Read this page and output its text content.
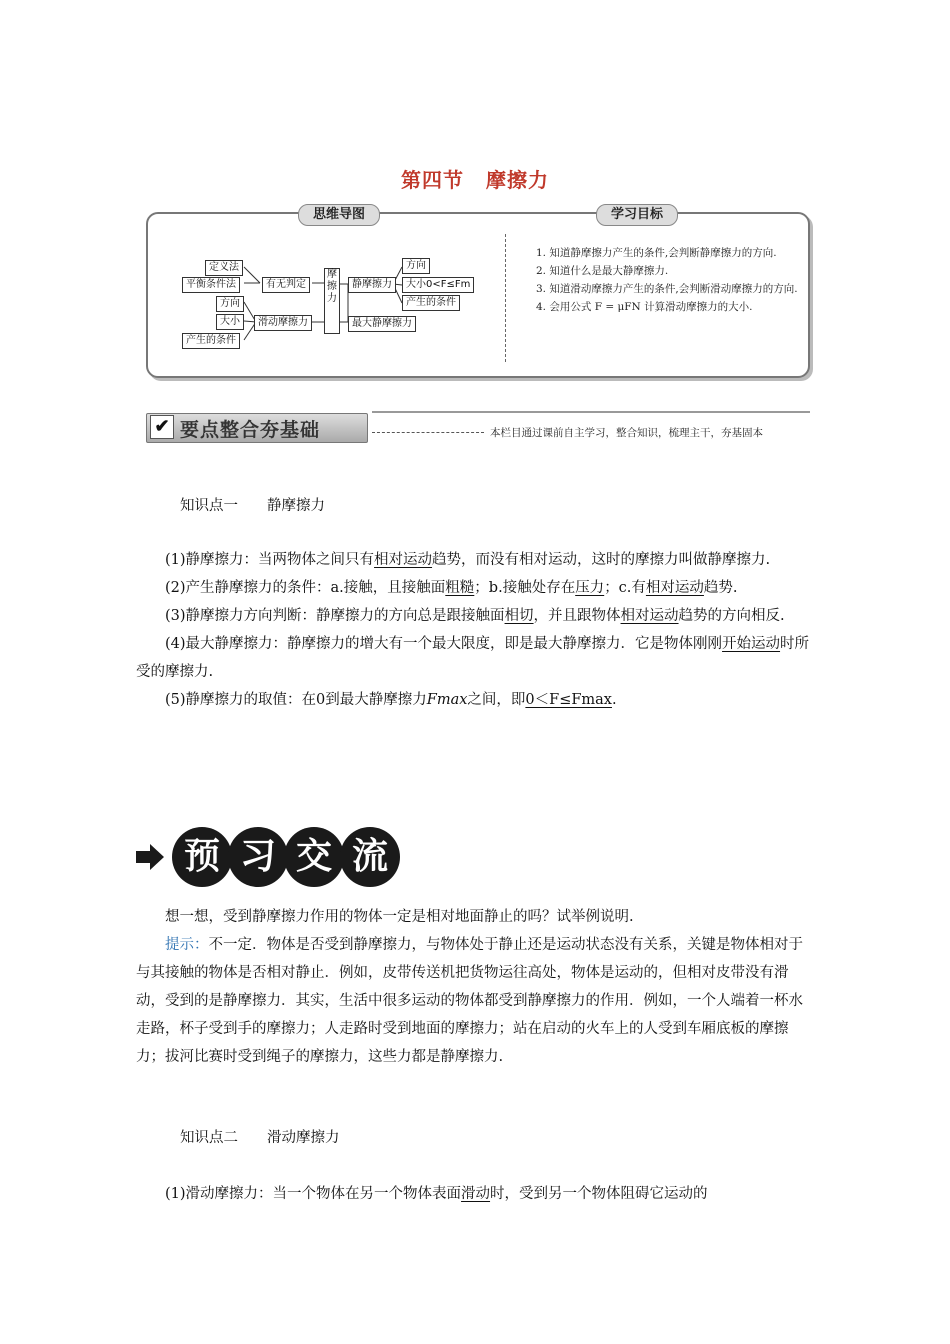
第四节 摩擦力
思维导图	学习目标
定义法
平衡条件法
方向
大小
产生的条件
有无判定
滑动摩擦力
摩擦力
静摩擦力
最大静摩擦力
方向
大小0<F≤Fm
产生的条件
1. 知道静摩擦力产生的条件,会判断静摩擦力的方向.
2. 知道什么是最大静摩擦力.
3. 知道滑动摩擦力产生的条件,会判断滑动摩擦力的方向.
4. 会用公式 F = μFN 计算滑动摩擦力的大小.
✔ 要点整合夯基础	本栏目通过课前自主学习，整合知识，梳理主干，夯基固本
知识点一　　静摩擦力

(1)静摩擦力：当两物体之间只有相对运动趋势，而没有相对运动，这时的摩擦力叫做静摩擦力.

(2)产生静摩擦力的条件：a.接触，且接触面粗糙；b.接触处存在压力；c.有相对运动趋势.

(3)静摩擦力方向判断：静摩擦力的方向总是跟接触面相切，并且跟物体相对运动趋势的方向相反.

(4)最大静摩擦力：静摩擦力的增大有一个最大限度，即是最大静摩擦力．它是物体刚刚开始运动时所受的摩擦力.

(5)静摩擦力的取值：在0到最大静摩擦力Fmax之间，即0＜F≤Fmax.

预 习 交 流

想一想，受到静摩擦力作用的物体一定是相对地面静止的吗？试举例说明.

提示：不一定．物体是否受到静摩擦力，与物体处于静止还是运动状态没有关系，关键是物体相对于与其接触的物体是否相对静止．例如，皮带传送机把货物运往高处，物体是运动的，但相对皮带没有滑动，受到的是静摩擦力．其实，生活中很多运动的物体都受到静摩擦力的作用．例如，一个人端着一杯水走路，杯子受到手的摩擦力；人走路时受到地面的摩擦力；站在启动的火车上的人受到车厢底板的摩擦力；拔河比赛时受到绳子的摩擦力，这些力都是静摩擦力.

知识点二　　滑动摩擦力

(1)滑动摩擦力：当一个物体在另一个物体表面滑动时，受到另一个物体阻碍它运动的
